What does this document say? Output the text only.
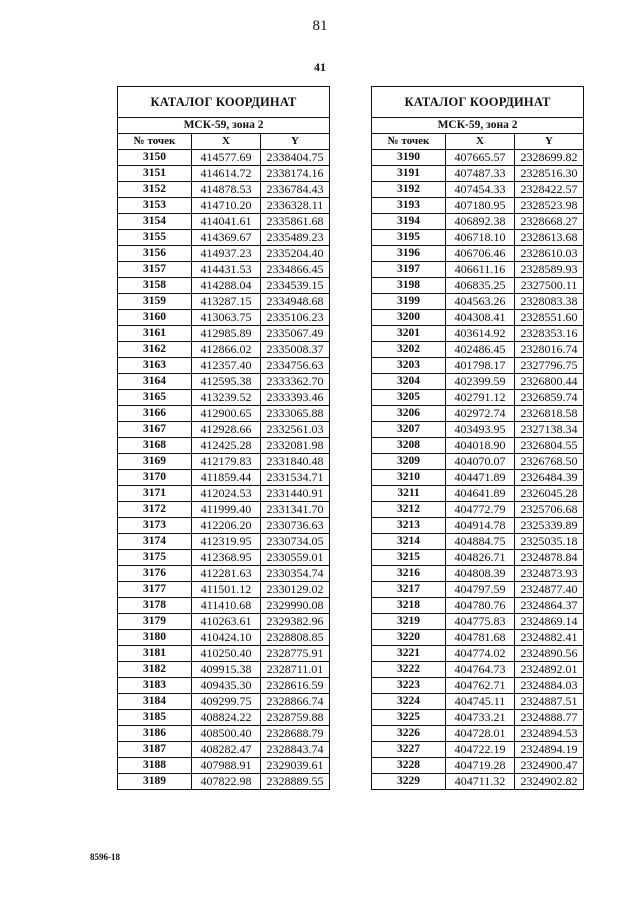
81
41
КАТАЛОГ КООРДИНАТ		
МСК-59, зона 2		
№ точек	X	Y
3150	414577.69	2338404.75
3151	414614.72	2338174.16
3152	414878.53	2336784.43
3153	414710.20	2336328.11
3154	414041.61	2335861.68
3155	414369.67	2335489.23
3156	414937.23	2335204.40
3157	414431.53	2334866.45
3158	414288.04	2334539.15
3159	413287.15	2334948.68
3160	413063.75	2335106.23
3161	412985.89	2335067.49
3162	412866.02	2335008.37
3163	412357.40	2334756.63
3164	412595.38	2333362.70
3165	413239.52	2333393.46
3166	412900.65	2333065.88
3167	412928.66	2332561.03
3168	412425.28	2332081.98
3169	412179.83	2331840.48
3170	411859.44	2331534.71
3171	412024.53	2331440.91
3172	411999.40	2331341.70
3173	412206.20	2330736.63
3174	412319.95	2330734.05
3175	412368.95	2330559.01
3176	412281.63	2330354.74
3177	411501.12	2330129.02
3178	411410.68	2329990.08
3179	410263.61	2329382.96
3180	410424.10	2328808.85
3181	410250.40	2328775.91
3182	409915.38	2328711.01
3183	409435.30	2328616.59
3184	409299.75	2328866.74
3185	408824.22	2328759.88
3186	408500.40	2328688.79
3187	408282.47	2328843.74
3188	407988.91	2329039.61
3189	407822.98	2328889.55
КАТАЛОГ КООРДИНАТ		
МСК-59, зона 2		
№ точек	X	Y
3190	407665.57	2328699.82
3191	407487.33	2328516.30
3192	407454.33	2328422.57
3193	407180.95	2328523.98
3194	406892.38	2328668.27
3195	406718.10	2328613.68
3196	406706.46	2328610.03
3197	406611.16	2328589.93
3198	406835.25	2327500.11
3199	404563.26	2328083.38
3200	404308.41	2328551.60
3201	403614.92	2328353.16
3202	402486.45	2328016.74
3203	401798.17	2327796.75
3204	402399.59	2326800.44
3205	402791.12	2326859.74
3206	402972.74	2326818.58
3207	403493.95	2327138.34
3208	404018.90	2326804.55
3209	404070.07	2326768.50
3210	404471.89	2326484.39
3211	404641.89	2326045.28
3212	404772.79	2325706.68
3213	404914.78	2325339.89
3214	404884.75	2325035.18
3215	404826.71	2324878.84
3216	404808.39	2324873.93
3217	404797.59	2324877.40
3218	404780.76	2324864.37
3219	404775.83	2324869.14
3220	404781.68	2324882.41
3221	404774.02	2324890.56
3222	404764.73	2324892.01
3223	404762.71	2324884.03
3224	404745.11	2324887.51
3225	404733.21	2324888.77
3226	404728.01	2324894.53
3227	404722.19	2324894.19
3228	404719.28	2324900.47
3229	404711.32	2324902.82
8596-18
